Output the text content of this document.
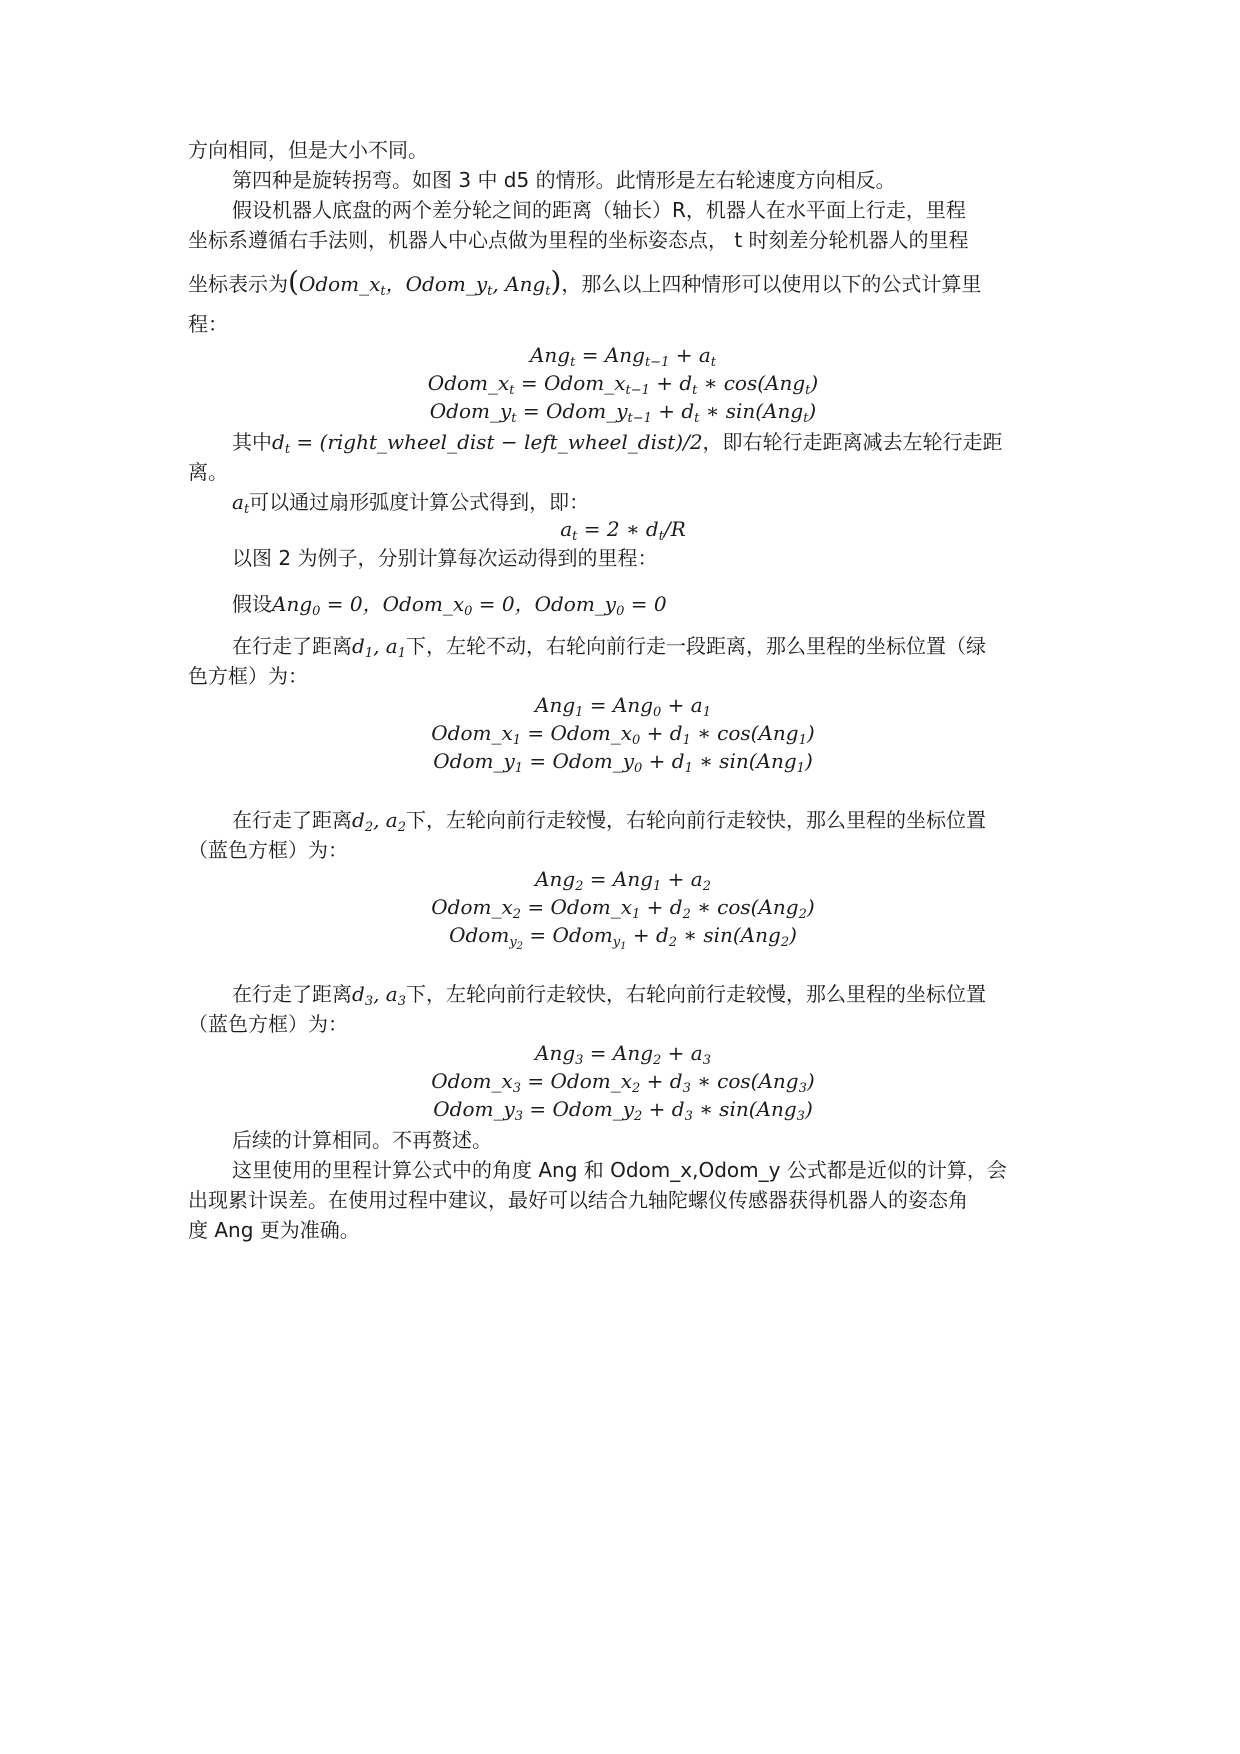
方向相同，但是大小不同。
第四种是旋转拐弯。如图 3 中 d5 的情形。此情形是左右轮速度方向相反。
假设机器人底盘的两个差分轮之间的距离（轴长）R，机器人在水平面上行走，里程
坐标系遵循右手法则，机器人中心点做为里程的坐标姿态点， t 时刻差分轮机器人的里程
坐标表示为($Odom\_x_t$，$Odom\_y_t$, Ang$_t$)，那么以上四种情形可以使用以下的公式计算里
程：
$Ang_t = Ang_{t-1} + a_t$
$Odom\_x_t$ = $Odom\_x_{t-1} + d_t$ ∗ cos(Ang$_t$)
$Odom\_y_t$ = $Odom\_y_{t-1} + d_t$ ∗ sin(Ang$_t$)
其中$d_t$ = (right_wheel_dist − left_wheel_dist)/2，即右轮行走距离减去左轮行走距
离。
$a_t$可以通过扇形弧度计算公式得到，即：
$a_t = 2$ ∗ $d_t/R$
以图 2 为例子，分别计算每次运动得到的里程：
假设Ang$_0$ = 0，$Odom\_x_0 = 0$，$Odom\_y_0 = 0$
在行走了距离$d_1$, $a_1$下，左轮不动，右轮向前行走一段距离，那么里程的坐标位置（绿
色方框）为：
$Ang_1 = Ang_0 + a_1$
$Odom\_x_1$ = $Odom\_x_0 + d_1$ ∗ cos(Ang$_1$)
$Odom\_y_1$ = $Odom\_y_0 + d_1$ ∗ sin(Ang$_1$)
在行走了距离$d_2$, $a_2$下，左轮向前行走较慢，右轮向前行走较快，那么里程的坐标位置
（蓝色方框）为：
$Ang_2 = Ang_1 + a_2$
$Odom\_x_2$ = $Odom\_x_1 + d_2$ ∗ cos(Ang$_2$)
Odom$_{y_2}$ = Odom$_{y_1}$ + $d_2$ ∗ sin(Ang$_2$)
在行走了距离$d_3$, $a_3$下，左轮向前行走较快，右轮向前行走较慢，那么里程的坐标位置
（蓝色方框）为：
$Ang_3 = Ang_2 + a_3$
$Odom\_x_3$ = $Odom\_x_2 + d_3$ ∗ cos(Ang$_3$)
$Odom\_y_3$ = $Odom\_y_2 + d_3$ ∗ sin(Ang$_3$)
后续的计算相同。不再赘述。
这里使用的里程计算公式中的角度 Ang 和 Odom_x,Odom_y 公式都是近似的计算，会
出现累计误差。在使用过程中建议，最好可以结合九轴陀螺仪传感器获得机器人的姿态角
度 Ang 更为准确。
